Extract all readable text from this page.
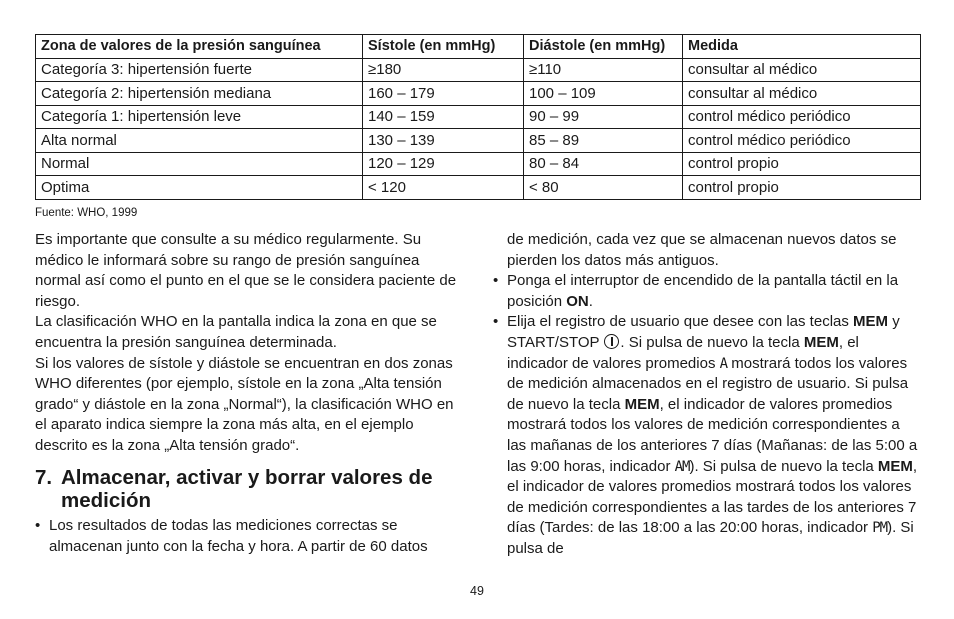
Zona de valores de la presión sanguínea	Sístole (en mmHg)	Diástole (en mmHg)	Medida
Categoría 3: hipertensión fuerte	≥180	≥110	consultar al médico
Categoría 2: hipertensión mediana	160 – 179	100 – 109	consultar al médico
Categoría 1: hipertensión leve	140 – 159	90 – 99	control médico periódico
Alta normal	130 – 139	85 – 89	control médico periódico
Normal	120 – 129	80 – 84	control propio
Optima	< 120	< 80	control propio
Fuente: WHO, 1999

Es importante que consulte a su médico regularmente. Su médico le informará sobre su rango de presión sanguínea normal así como el punto en el que se le considera paciente de riesgo.

La clasificación WHO en la pantalla indica la zona en que se encuentra la presión sanguínea determinada.

Si los valores de sístole y diástole se encuentran en dos zonas WHO diferentes (por ejemplo, sístole en la zona „Alta tensión grado“ y diástole en la zona „Normal“), la clasificación WHO en el aparato indica siempre la zona más alta, en el ejemplo descrito es la zona „Alta tensión grado“.

7. Almacenar, activar y borrar valores de medición
• Los resultados de todas las mediciones correctas se almacenan junto con la fecha y hora. A partir de 60 datos

de medición, cada vez que se almacenan nuevos datos se pierden los datos más antiguos.

• Ponga el interruptor de encendido de la pantalla táctil en la posición ON.
• Elija el registro de usuario que desee con las teclas MEM y START/STOP . Si pulsa de nuevo la tecla MEM, el indicador de valores promedios A mostrará todos los valores de medición almacenados en el registro de usuario. Si pulsa de nuevo la tecla MEM, el indicador de valores promedios mostrará todos los valores de medición correspondientes a las mañanas de los anteriores 7 días (Mañanas: de las 5:00 a las 9:00 horas, indicador AM). Si pulsa de nuevo la tecla MEM, el indicador de valores promedios mostrará todos los valores de medición correspondientes a las tardes de los anteriores 7 días (Tardes: de las 18:00 a las 20:00 horas, indicador PM). Si pulsa de
49
